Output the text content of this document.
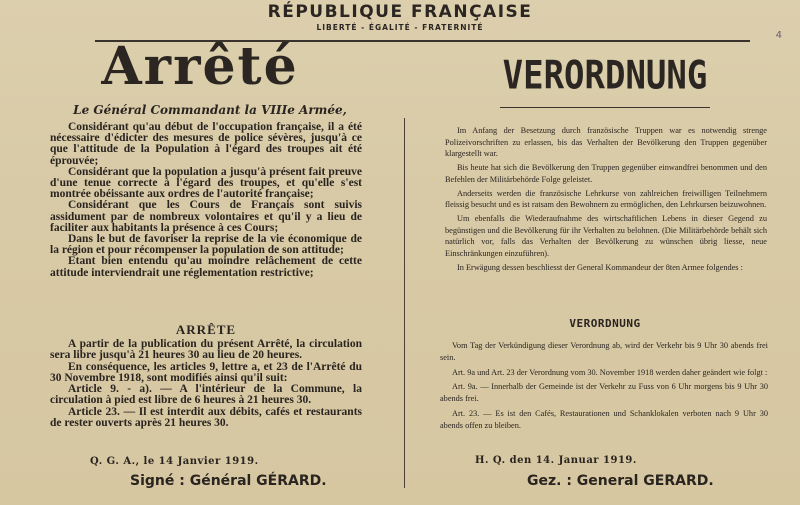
RÉPUBLIQUE FRANÇAISE
LIBERTÉ - ÉGALITÉ - FRATERNITÉ
4
Arrêté
Le Général Commandant la VIIIe Armée,

Considérant qu'au début de l'occupation française, il a été nécessaire d'édicter des mesures de police sévères, jusqu'à ce que l'attitude de la Population à l'égard des troupes ait été éprouvée;

Considérant que la population a jusqu'à présent fait preuve d'une tenue correcte à l'égard des troupes, et qu'elle s'est montrée obéissante aux ordres de l'autorité française;

Considérant que les Cours de Français sont suivis assidument par de nombreux volontaires et qu'il y a lieu de faciliter aux habitants la présence à ces Cours;

Dans le but de favoriser la reprise de la vie économique de la région et pour récompenser la population de son attitude;

Etant bien entendu qu'au moindre relâchement de cette attitude interviendrait une réglementation restrictive;

ARRÊTE

A partir de la publication du présent Arrêté, la circulation sera libre jusqu'à 21 heures 30 au lieu de 20 heures.

En conséquence, les articles 9, lettre a, et 23 de l'Arrêté du 30 Novembre 1918, sont modifiés ainsi qu'il suit:

Article 9. - a). — A l'intérieur de la Commune, la circulation à pied est libre de 6 heures à 21 heures 30.

Article 23. — Il est interdit aux débits, cafés et restaurants de rester ouverts après 21 heures 30.

Q. G. A., le 14 Janvier 1919.
Signé : Général GÉRARD.
VERORDNUNG

Im Anfang der Besetzung durch französische Truppen war es notwendig strenge Polizeivorschriften zu erlassen, bis das Verhalten der Bevölkerung den Truppen gegenüber klargestellt war.

Bis heute hat sich die Bevölkerung den Truppen gegenüber einwandfrei benommen und den Befehlen der Militärbehörde Folge geleistet.

Anderseits werden die französische Lehrkurse von zahlreichen freiwilligen Teilnehmern fleissig besucht und es ist ratsam den Bewohnern zu ermöglichen, den Lehrkursen beizuwohnen.

Um ebenfalls die Wiederaufnahme des wirtschaftlichen Lebens in dieser Gegend zu begünstigen und die Bevölkerung für ihr Verhalten zu belohnen. (Die Militärbehörde behält sich natürlich vor, falls das Verhalten der Bevölkerung zu wünschen übrig liesse, neue Einschränkungen einzuführen).

In Erwägung dessen beschliesst der General Kommandeur der 8ten Armee folgendes :

VERORDNUNG

Vom Tag der Verkündigung dieser Verordnung ab, wird der Verkehr bis 9 Uhr 30 abends frei sein.

Art. 9a und Art. 23 der Verordnung vom 30. November 1918 werden daher geändert wie folgt :

Art. 9a. — Innerhalb der Gemeinde ist der Verkehr zu Fuss von 6 Uhr morgens bis 9 Uhr 30 abends frei.

Art. 23. — Es ist den Cafés, Restaurationen und Schanklokalen verboten nach 9 Uhr 30 abends offen zu bleiben.

H. Q. den 14. Januar 1919.
Gez. : General GERARD.
